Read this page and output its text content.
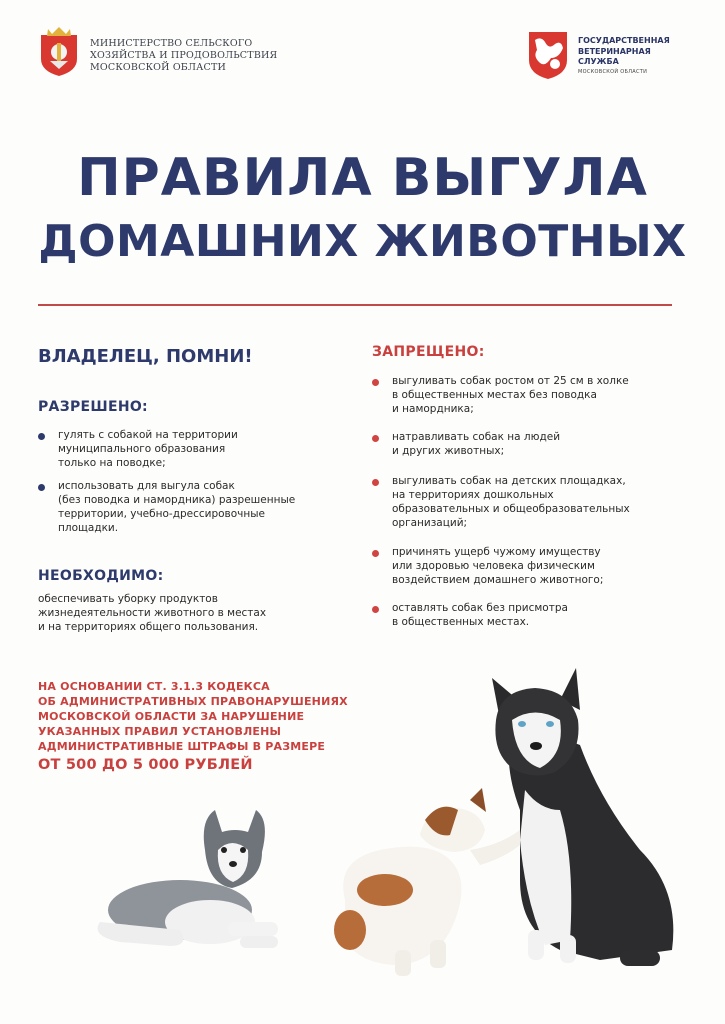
МИНИСТЕРСТВО СЕЛЬСКОГО
ХОЗЯЙСТВА И ПРОДОВОЛЬСТВИЯ
МОСКОВСКОЙ ОБЛАСТИ
ГОСУДАРСТВЕННАЯ
ВЕТЕРИНАРНАЯ
СЛУЖБА
МОСКОВСКОЙ ОБЛАСТИ
ПРАВИЛА ВЫГУЛА
ДОМАШНИХ ЖИВОТНЫХ
ВЛАДЕЛЕЦ, ПОМНИ!
РАЗРЕШЕНО:
гулять с собакой на территории
муниципального образования
только на поводке;
использовать для выгула собак
(без поводка и намордника) разрешенные
территории, учебно-дрессировочные
площадки.
НЕОБХОДИМО:
обеспечивать уборку продуктов
жизнедеятельности животного в местах
и на территориях общего пользования.
ЗАПРЕЩЕНО:
выгуливать собак ростом от 25 см в холке
в общественных местах без поводка
и намордника;
натравливать собак на людей
и других животных;
выгуливать собак на детских площадках,
на территориях дошкольных
образовательных и общеобразовательных
организаций;
причинять ущерб чужому имуществу
или здоровью человека физическим
воздействием домашнего животного;
оставлять собак без присмотра
в общественных местах.
НА ОСНОВАНИИ СТ. 3.1.3 КОДЕКСА
ОБ АДМИНИСТРАТИВНЫХ ПРАВОНАРУШЕНИЯХ
МОСКОВСКОЙ ОБЛАСТИ ЗА НАРУШЕНИЕ
УКАЗАННЫХ ПРАВИЛ УСТАНОВЛЕНЫ
АДМИНИСТРАТИВНЫЕ ШТРАФЫ В РАЗМЕРЕ
ОТ 500 ДО 5 000 РУБЛЕЙ
